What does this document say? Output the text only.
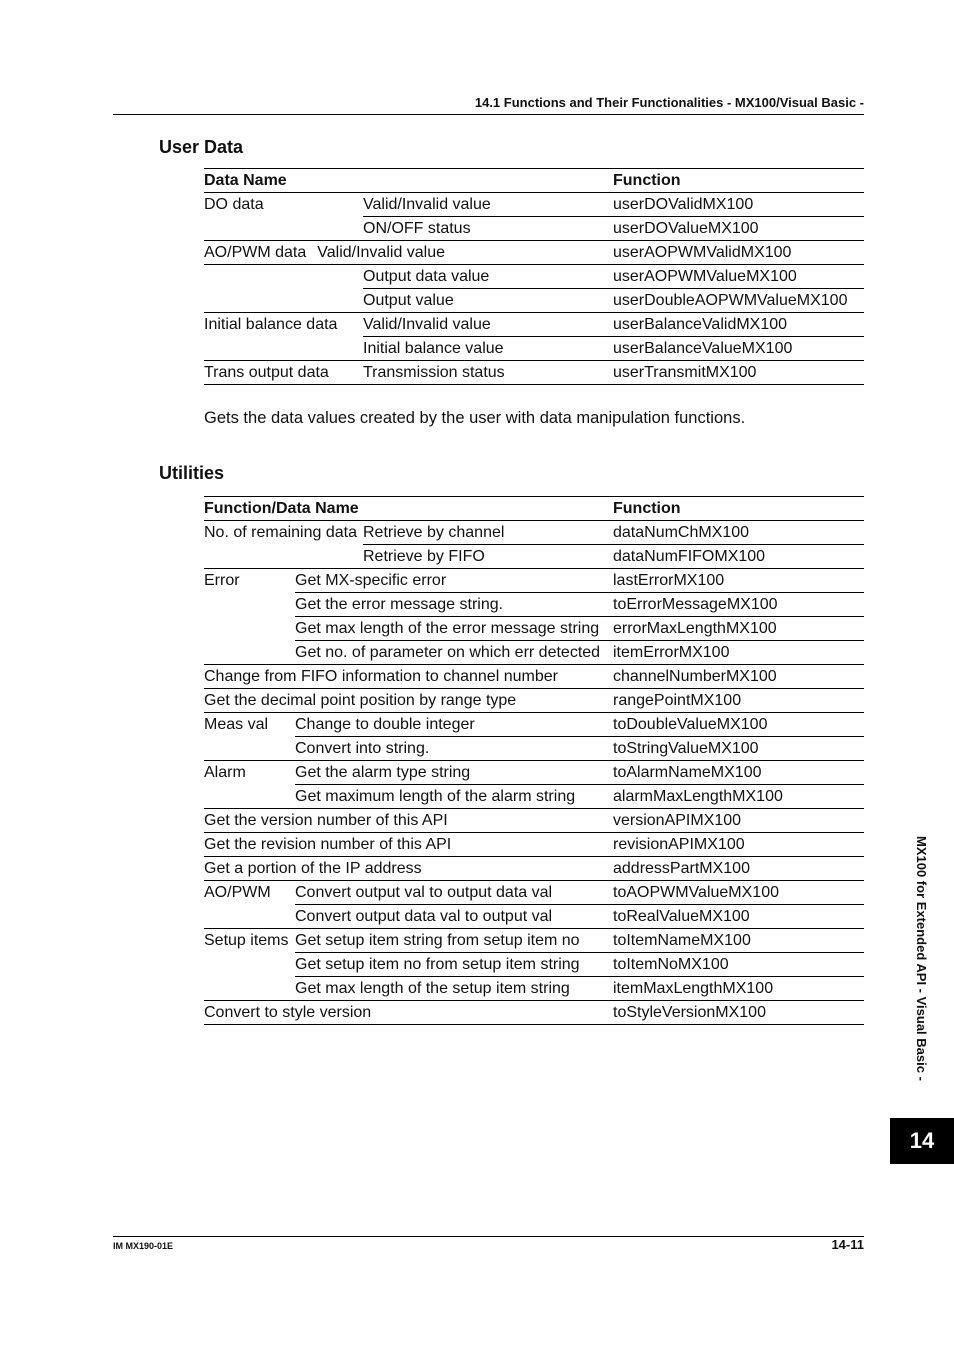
14.1 Functions and Their Functionalities - MX100/Visual Basic -
User Data
Data Name		Function
DO data	Valid/Invalid value	userDOValidMX100
	ON/OFF status	userDOValueMX100
AO/PWM data Valid/Invalid value		userAOPWMValidMX100
	Output data value	userAOPWMValueMX100
	Output value	userDoubleAOPWMValueMX100
Initial balance data	Valid/Invalid value	userBalanceValidMX100
	Initial balance value	userBalanceValueMX100
Trans output data	Transmission status	userTransmitMX100
Gets the data values created by the user with data manipulation functions.
Utilities
Function/Data Name			Function
No. of remaining data		Retrieve by channel	dataNumChMX100
		Retrieve by FIFO	dataNumFIFOMX100
Error	Get MX-specific error		lastErrorMX100
	Get the error message string.		toErrorMessageMX100
	Get max length of the error message string		errorMaxLengthMX100
	Get no. of parameter on which err detected		itemErrorMX100
Change from FIFO information to channel number			channelNumberMX100
Get the decimal point position by range type			rangePointMX100
Meas val	Change to double integer		toDoubleValueMX100
	Convert into string.		toStringValueMX100
Alarm	Get the alarm type string		toAlarmNameMX100
	Get maximum length of the alarm string		alarmMaxLengthMX100
Get the version number of this API			versionAPIMX100
Get the revision number of this API			revisionAPIMX100
Get a portion of the IP address			addressPartMX100
AO/PWM	Convert output val to output data val		toAOPWMValueMX100
	Convert output data val to output val		toRealValueMX100
Setup items	Get setup item string from setup item no		toItemNameMX100
	Get setup item no from setup item string		toItemNoMX100
	Get max length of the setup item string		itemMaxLengthMX100
Convert to style version			toStyleVersionMX100	MX100 for Extended API - Visual Basic -
14
IM MX190-01E	14-11
